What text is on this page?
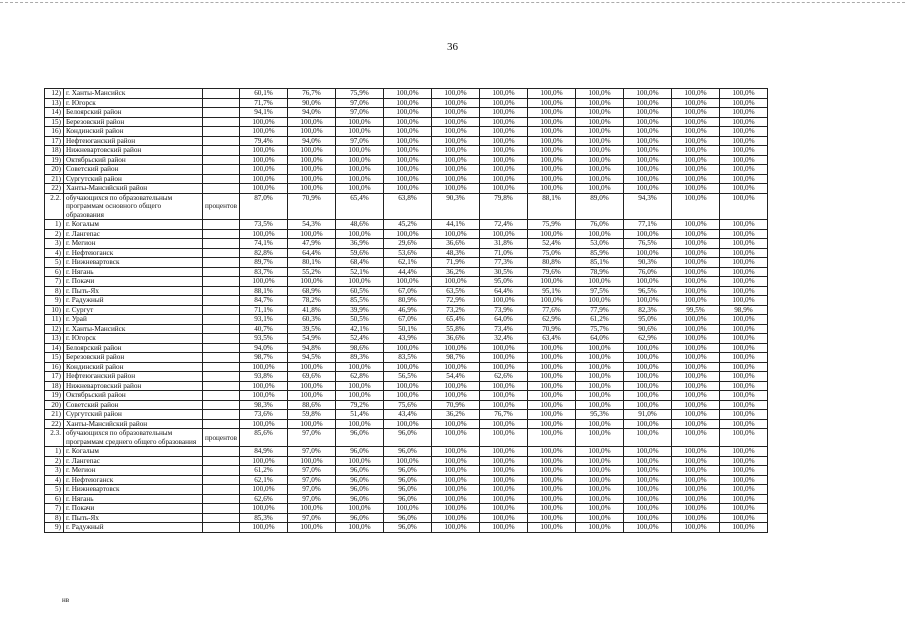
36
12)	г. Ханты-Мансийск		60,1%	76,7%	75,9%	100,0%	100,0%	100,0%	100,0%	100,0%	100,0%	100,0%	100,0%
13)	г. Югорск		71,7%	90,0%	97,0%	100,0%	100,0%	100,0%	100,0%	100,0%	100,0%	100,0%	100,0%
14)	Белоярский район		94,1%	94,0%	97,0%	100,0%	100,0%	100,0%	100,0%	100,0%	100,0%	100,0%	100,0%
15)	Березовский район		100,0%	100,0%	100,0%	100,0%	100,0%	100,0%	100,0%	100,0%	100,0%	100,0%	100,0%
16)	Кондинский район		100,0%	100,0%	100,0%	100,0%	100,0%	100,0%	100,0%	100,0%	100,0%	100,0%	100,0%
17)	Нефтеюганский район		79,4%	94,0%	97,0%	100,0%	100,0%	100,0%	100,0%	100,0%	100,0%	100,0%	100,0%
18)	Нижневартовский район		100,0%	100,0%	100,0%	100,0%	100,0%	100,0%	100,0%	100,0%	100,0%	100,0%	100,0%
19)	Октябрьский район		100,0%	100,0%	100,0%	100,0%	100,0%	100,0%	100,0%	100,0%	100,0%	100,0%	100,0%
20)	Советский район		100,0%	100,0%	100,0%	100,0%	100,0%	100,0%	100,0%	100,0%	100,0%	100,0%	100,0%
21)	Сургутский район		100,0%	100,0%	100,0%	100,0%	100,0%	100,0%	100,0%	100,0%	100,0%	100,0%	100,0%
22)	Ханты-Мансийский район		100,0%	100,0%	100,0%	100,0%	100,0%	100,0%	100,0%	100,0%	100,0%	100,0%	100,0%
2.2.	обучающихся по образовательным программам основного общего образования	процентов	87,0%	70,9%	65,4%	63,8%	90,3%	79,8%	88,1%	89,0%	94,3%	100,0%	100,0%
1)	г. Когалым		73,5%	54,3%	48,6%	45,2%	44,1%	72,4%	75,9%	76,0%	77,1%	100,0%	100,0%
2)	г. Лангепас		100,0%	100,0%	100,0%	100,0%	100,0%	100,0%	100,0%	100,0%	100,0%	100,0%	100,0%
3)	г. Мегион		74,1%	47,9%	36,9%	29,6%	36,6%	31,8%	52,4%	53,0%	76,5%	100,0%	100,0%
4)	г. Нефтеюганск		82,8%	64,4%	59,6%	53,6%	48,3%	71,0%	75,0%	85,9%	100,0%	100,0%	100,0%
5)	г. Нижневартовск		89,7%	80,1%	68,4%	62,1%	71,9%	77,3%	80,8%	85,1%	90,3%	100,0%	100,0%
6)	г. Нягань		83,7%	55,2%	52,1%	44,4%	36,2%	30,5%	79,6%	78,9%	76,0%	100,0%	100,0%
7)	г. Покачи		100,0%	100,0%	100,0%	100,0%	100,0%	95,0%	100,0%	100,0%	100,0%	100,0%	100,0%
8)	г. Пыть-Ях		88,1%	68,9%	60,5%	67,0%	63,5%	64,4%	95,1%	97,5%	96,5%	100,0%	100,0%
9)	г. Радужный		84,7%	78,2%	85,5%	80,9%	72,9%	100,0%	100,0%	100,0%	100,0%	100,0%	100,0%
10)	г. Сургут		71,1%	41,8%	39,9%	46,9%	73,2%	73,9%	77,6%	77,9%	82,3%	99,5%	98,9%
11)	г. Урай		93,1%	60,3%	50,5%	67,0%	65,4%	64,0%	62,9%	61,2%	95,0%	100,0%	100,0%
12)	г. Ханты-Мансийск		40,7%	39,5%	42,1%	50,1%	55,8%	73,4%	70,9%	75,7%	90,6%	100,0%	100,0%
13)	г. Югорск		93,5%	54,9%	52,4%	43,9%	36,6%	32,4%	63,4%	64,0%	62,9%	100,0%	100,0%
14)	Белоярский район		94,0%	94,8%	98,6%	100,0%	100,0%	100,0%	100,0%	100,0%	100,0%	100,0%	100,0%
15)	Березовский район		98,7%	94,5%	89,3%	83,5%	98,7%	100,0%	100,0%	100,0%	100,0%	100,0%	100,0%
16)	Кондинский район		100,0%	100,0%	100,0%	100,0%	100,0%	100,0%	100,0%	100,0%	100,0%	100,0%	100,0%
17)	Нефтеюганский район		93,8%	69,6%	62,8%	56,5%	54,4%	62,6%	100,0%	100,0%	100,0%	100,0%	100,0%
18)	Нижневартовский район		100,0%	100,0%	100,0%	100,0%	100,0%	100,0%	100,0%	100,0%	100,0%	100,0%	100,0%
19)	Октябрьский район		100,0%	100,0%	100,0%	100,0%	100,0%	100,0%	100,0%	100,0%	100,0%	100,0%	100,0%
20)	Советский район		98,3%	88,6%	79,2%	75,6%	70,9%	100,0%	100,0%	100,0%	100,0%	100,0%	100,0%
21)	Сургутский район		73,6%	59,8%	51,4%	43,4%	36,2%	76,7%	100,0%	95,3%	91,0%	100,0%	100,0%
22)	Ханты-Мансийский район		100,0%	100,0%	100,0%	100,0%	100,0%	100,0%	100,0%	100,0%	100,0%	100,0%	100,0%
2.3.	обучающихся по образовательным программам среднего общего образования	процентов	85,6%	97,0%	96,0%	96,0%	100,0%	100,0%	100,0%	100,0%	100,0%	100,0%	100,0%
1)	г. Когалым		84,9%	97,0%	96,0%	96,0%	100,0%	100,0%	100,0%	100,0%	100,0%	100,0%	100,0%
2)	г. Лангепас		100,0%	100,0%	100,0%	100,0%	100,0%	100,0%	100,0%	100,0%	100,0%	100,0%	100,0%
3)	г. Мегион		61,2%	97,0%	96,0%	96,0%	100,0%	100,0%	100,0%	100,0%	100,0%	100,0%	100,0%
4)	г. Нефтеюганск		62,1%	97,0%	96,0%	96,0%	100,0%	100,0%	100,0%	100,0%	100,0%	100,0%	100,0%
5)	г. Нижневартовск		100,0%	97,0%	96,0%	96,0%	100,0%	100,0%	100,0%	100,0%	100,0%	100,0%	100,0%
6)	г. Нягань		62,6%	97,0%	96,0%	96,0%	100,0%	100,0%	100,0%	100,0%	100,0%	100,0%	100,0%
7)	г. Покачи		100,0%	100,0%	100,0%	100,0%	100,0%	100,0%	100,0%	100,0%	100,0%	100,0%	100,0%
8)	г. Пыть-Ях		85,3%	97,0%	96,0%	96,0%	100,0%	100,0%	100,0%	100,0%	100,0%	100,0%	100,0%
9)	г. Радужный		100,0%	100,0%	100,0%	96,0%	100,0%	100,0%	100,0%	100,0%	100,0%	100,0%	100,0%
нв
